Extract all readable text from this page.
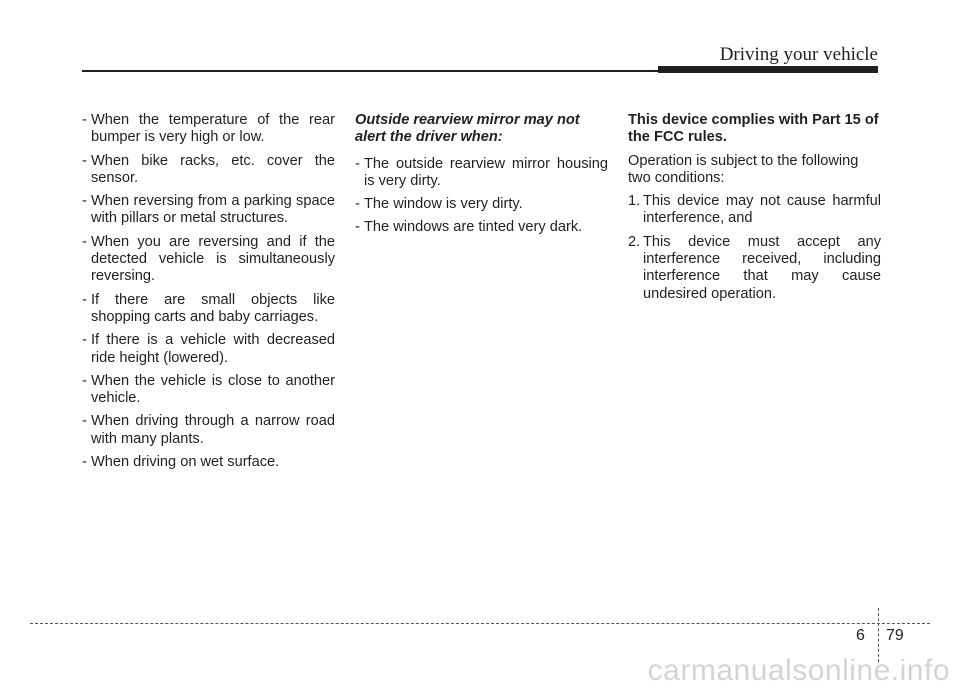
Driving your vehicle
- When the temperature of the rear bumper is very high or low.
- When bike racks, etc. cover the sensor.
- When reversing from a parking space with pillars or metal structures.
- When you are reversing and if the detected vehicle is simultaneously reversing.
- If there are small objects like shopping carts and baby carriages.
- If there is a vehicle with decreased ride height (lowered).
- When the vehicle is close to another vehicle.
- When driving through a narrow road with many plants.
- When driving on wet surface.
Outside rearview mirror may not alert the driver when:
- The outside rearview mirror housing is very dirty.
- The window is very dirty.
- The windows are tinted very dark.
This device complies with Part 15 of the FCC rules.
Operation is subject to the following two conditions:
1. This device may not cause harmful interference, and
2. This device must accept any interference received, including interference that may cause undesired operation.
6 79
carmanualsonline.info
